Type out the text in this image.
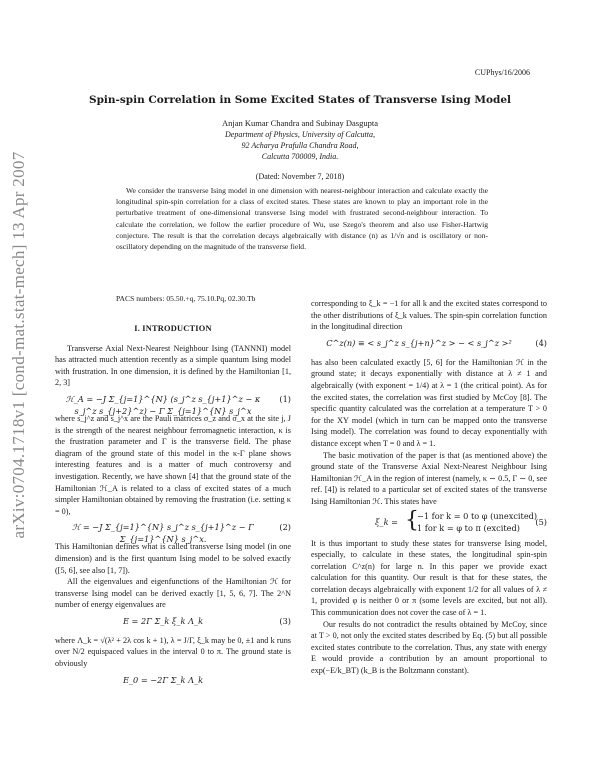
arXiv:0704.1718v1 [cond-mat.stat-mech] 13 Apr 2007
CUPhys/16/2006
Spin-spin Correlation in Some Excited States of Transverse Ising Model
Anjan Kumar Chandra and Subinay Dasgupta
Department of Physics, University of Calcutta,
92 Acharya Prafulla Chandra Road,
Calcutta 700009, India.
(Dated: November 7, 2018)
We consider the transverse Ising model in one dimension with nearest-neighbour interaction and calculate exactly the longitudinal spin-spin correlation for a class of excited states. These states are known to play an important role in the perturbative treatment of one-dimensional transverse Ising model with frustrated second-neighbour interaction. To calculate the correlation, we follow the earlier procedure of Wu, use Szego's theorem and also use Fisher-Hartwig conjecture. The result is that the correlation decays algebraically with distance (n) as 1/√n and is oscillatory or non-oscillatory depending on the magnitude of the transverse field.
PACS numbers: 05.50.+q, 75.10.Pq, 02.30.Tb
I. INTRODUCTION

Transverse Axial Next-Nearest Neighbour Ising (TANNNI) model has attracted much attention recently as a simple quantum Ising model with frustration. In one dimension, it is defined by the Hamiltonian [1, 2, 3]

ℋ_A = −J Σ_{j=1}^{N} (s_j^z s_{j+1}^z − κ s_j^z s_{j+2}^z) − Γ Σ_{j=1}^{N} s_j^x
(1)

where s_j^z and s_j^x are the Pauli matrices σ_z and σ_x at the site j, J is the strength of the nearest neighbour ferromagnetic interaction, κ is the frustration parameter and Γ is the transverse field. The phase diagram of the ground state of this model in the κ-Γ plane shows interesting features and is a matter of much controversy and investigation. Recently, we have shown [4] that the ground state of the Hamiltonian ℋ_A is related to a class of excited states of a much simpler Hamiltonian obtained by removing the frustration (i.e. setting κ = 0),

ℋ = −J Σ_{j=1}^{N} s_j^z s_{j+1}^z − Γ Σ_{j=1}^{N} s_j^x.
(2)

This Hamiltonian defines what is called transverse Ising model (in one dimension) and is the first quantum Ising model to be solved exactly ([5, 6], see also [1, 7]).

All the eigenvalues and eigenfunctions of the Hamiltonian ℋ for transverse Ising model can be derived exactly [1, 5, 6, 7]. The 2^N number of energy eigenvalues are

E = 2Γ Σ_k ξ_k Λ_k	(3)

where Λ_k = √(λ² + 2λ cos k + 1), λ = J/Γ, ξ_k may be 0, ±1 and k runs over N/2 equispaced values in the interval 0 to π. The ground state is obviously

E_0 = −2Γ Σ_k Λ_k

corresponding to ξ_k = −1 for all k and the excited states correspond to the other distributions of ξ_k values. The spin-spin correlation function in the longitudinal direction

C^z(n) ≡ < s_j^z s_{j+n}^z > − < s_j^z >²	(4)

has also been calculated exactly [5, 6] for the Hamiltonian ℋ in the ground state; it decays exponentially with distance at λ ≠ 1 and algebraically (with exponent = 1/4) at λ = 1 (the critical point). As for the excited states, the correlation was first studied by McCoy [8]. The specific quantity calculated was the correlation at a temperature T > 0 for the XY model (which in turn can be mapped onto the transverse Ising model). The correlation was found to decay exponentially with distance except when T = 0 and λ = 1.

The basic motivation of the paper is that (as mentioned above) the ground state of the Transverse Axial Next-Nearest Neighbour Ising Hamiltonian ℋ_A in the region of interest (namely, κ ∼ 0.5, Γ ∼ 0, see ref. [4]) is related to a particular set of excited states of the transverse Ising Hamiltonian ℋ. This states have

ξ_k = {
−1 for k = 0 to φ (unexcited)
1 for k = φ to π (excited)
(5)

It is thus important to study these states for transverse Ising model, especially, to calculate in these states, the longitudinal spin-spin correlation C^z(n) for large n. In this paper we provide exact calculation for this quantity. Our result is that for these states, the correlation decays algebraically with exponent 1/2 for all values of λ ≠ 1, provided φ is neither 0 or π (some levels are excited, but not all). This communication does not cover the case of λ = 1.

Our results do not contradict the results obtained by McCoy, since at T > 0, not only the excited states described by Eq. (5) but all possible excited states contribute to the correlation. Thus, any state with energy E would provide a contribution by an amount proportional to exp(−E/k_BT) (k_B is the Boltzmann constant).
